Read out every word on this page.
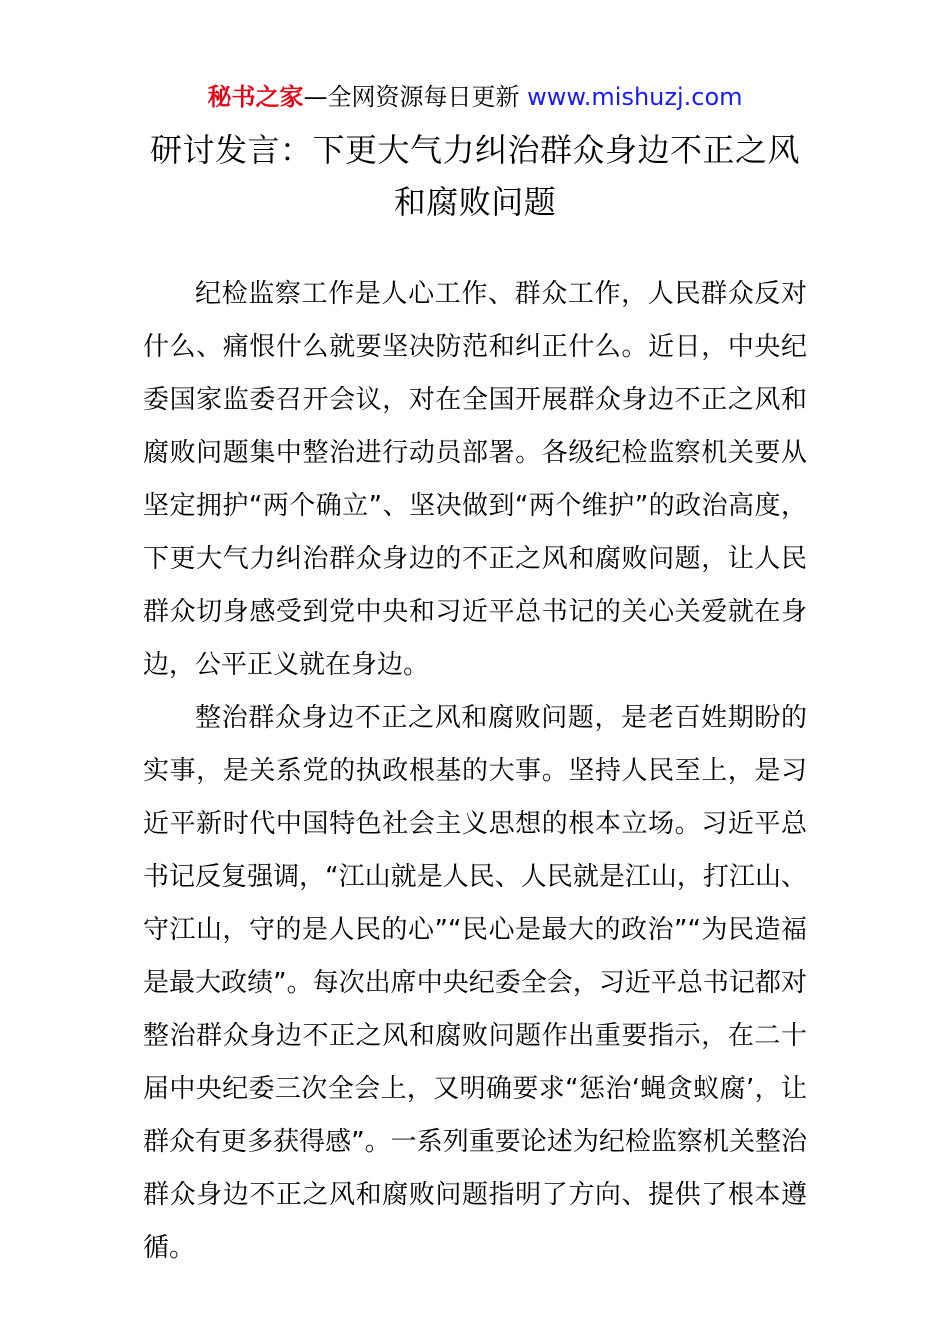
秘书之家—全网资源每日更新 www.mishuzj.com
研讨发言：下更大气力纠治群众身边不正之风
和腐败问题

纪检监察工作是人心工作、群众工作，人民群众反对什么、痛恨什么就要坚决防范和纠正什么。近日，中央纪委国家监委召开会议，对在全国开展群众身边不正之风和腐败问题集中整治进行动员部署。各级纪检监察机关要从坚定拥护“两个确立”、坚决做到“两个维护”的政治高度，下更大气力纠治群众身边的不正之风和腐败问题，让人民群众切身感受到党中央和习近平总书记的关心关爱就在身边，公平正义就在身边。

整治群众身边不正之风和腐败问题，是老百姓期盼的实事，是关系党的执政根基的大事。坚持人民至上，是习近平新时代中国特色社会主义思想的根本立场。习近平总书记反复强调，“江山就是人民、人民就是江山，打江山、守江山，守的是人民的心”“民心是最大的政治”“为民造福是最大政绩”。每次出席中央纪委全会，习近平总书记都对整治群众身边不正之风和腐败问题作出重要指示，在二十届中央纪委三次全会上，又明确要求“惩治‘蝇贪蚁腐’，让群众有更多获得感”。一系列重要论述为纪检监察机关整治群众身边不正之风和腐败问题指明了方向、提供了根本遵循。
